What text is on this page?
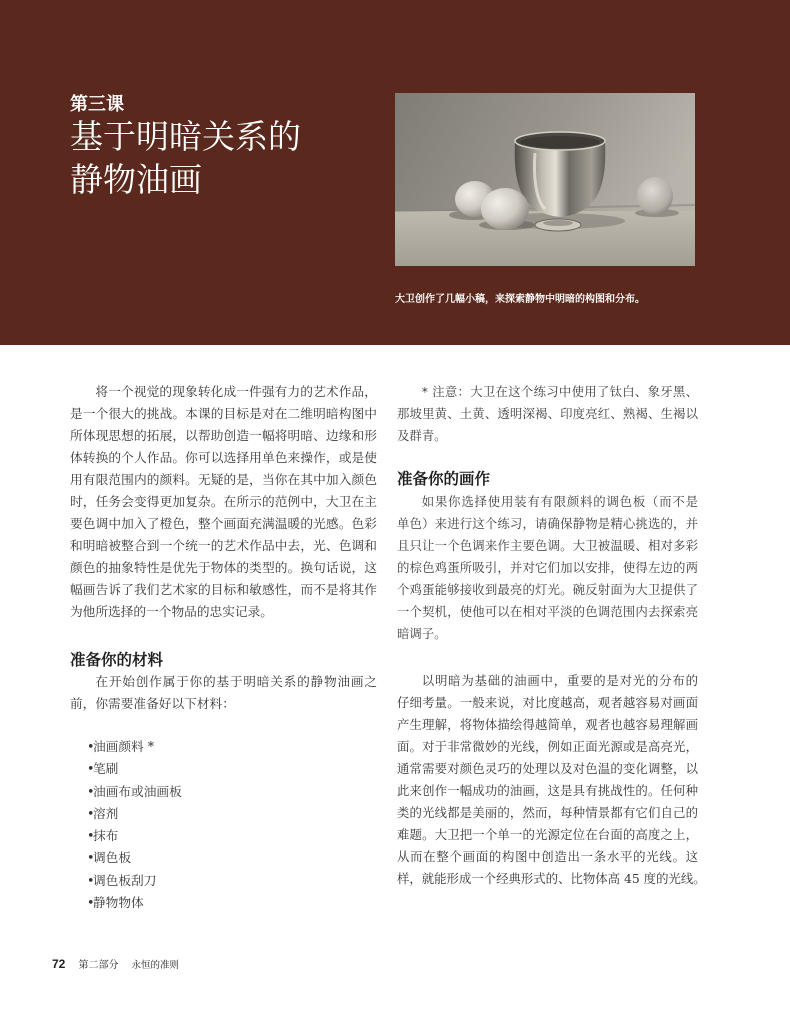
第三课
基于明暗关系的
静物油画
大卫创作了几幅小稿，来探索静物中明暗的构图和分布。
将一个视觉的现象转化成一件强有力的艺术作品，
是一个很大的挑战。本课的目标是对在二维明暗构图中
所体现思想的拓展，以帮助创造一幅将明暗、边缘和形
体转换的个人作品。你可以选择用单色来操作，或是使
用有限范围内的颜料。无疑的是，当你在其中加入颜色
时，任务会变得更加复杂。在所示的范例中，大卫在主
要色调中加入了橙色，整个画面充满温暖的光感。色彩
和明暗被整合到一个统一的艺术作品中去，光、色调和
颜色的抽象特性是优先于物体的类型的。换句话说，这
幅画告诉了我们艺术家的目标和敏感性，而不是将其作
为他所选择的一个物品的忠实记录。
准备你的材料
在开始创作属于你的基于明暗关系的静物油画之
前，你需要准备好以下材料：
•
油画颜料 *
•
笔刷
•
油画布或油画板
•
溶剂
•
抹布
•
调色板
•
调色板刮刀
•
静物物体
* 注意：大卫在这个练习中使用了钛白、象牙黑、
那坡里黄、土黄、透明深褐、印度亮红、熟褐、生褐以
及群青。
准备你的画作
如果你选择使用装有有限颜料的调色板（而不是
单色）来进行这个练习，请确保静物是精心挑选的，并
且只让一个色调来作主要色调。大卫被温暖、相对多彩
的棕色鸡蛋所吸引，并对它们加以安排，使得左边的两
个鸡蛋能够接收到最亮的灯光。碗反射面为大卫提供了
一个契机，使他可以在相对平淡的色调范围内去探索亮
暗调子。
以明暗为基础的油画中，重要的是对光的分布的
仔细考量。一般来说，对比度越高，观者越容易对画面
产生理解，将物体描绘得越简单，观者也越容易理解画
面。对于非常微妙的光线，例如正面光源或是高亮光，
通常需要对颜色灵巧的处理以及对色温的变化调整，以
此来创作一幅成功的油画，这是具有挑战性的。任何种
类的光线都是美丽的，然而，每种情景都有它们自己的
难题。大卫把一个单一的光源定位在台面的高度之上，
从而在整个画面的构图中创造出一条水平的光线。这
样，就能形成一个经典形式的、比物体高 45 度的光线。
72 第二部分 永恒的准则
